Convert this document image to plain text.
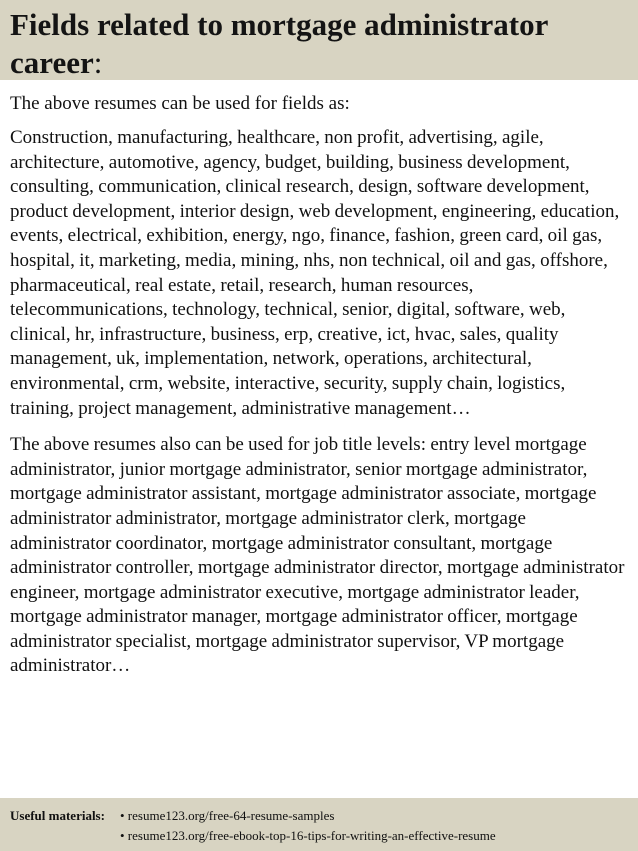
Fields related to mortgage administrator career:

The above resumes can be used for fields as:

Construction, manufacturing, healthcare, non profit, advertising, agile, architecture, automotive, agency, budget, building, business development, consulting, communication, clinical research, design, software development, product development, interior design, web development, engineering, education, events, electrical, exhibition, energy, ngo, finance, fashion, green card, oil gas, hospital, it, marketing, media, mining, nhs, non technical, oil and gas, offshore, pharmaceutical, real estate, retail, research, human resources, telecommunications, technology, technical, senior, digital, software, web, clinical, hr, infrastructure, business, erp, creative, ict, hvac, sales, quality management, uk, implementation, network, operations, architectural, environmental, crm, website, interactive, security, supply chain, logistics, training, project management, administrative management…

The above resumes also can be used for job title levels: entry level mortgage administrator, junior mortgage administrator, senior mortgage administrator, mortgage administrator assistant, mortgage administrator associate, mortgage administrator administrator, mortgage administrator clerk, mortgage administrator coordinator, mortgage administrator consultant, mortgage administrator controller, mortgage administrator director, mortgage administrator engineer, mortgage administrator executive, mortgage administrator leader, mortgage administrator manager, mortgage administrator officer, mortgage administrator specialist, mortgage administrator supervisor, VP mortgage administrator…

Useful materials:	• resume123.org/free-64-resume-samples
• resume123.org/free-ebook-top-16-tips-for-writing-an-effective-resume
